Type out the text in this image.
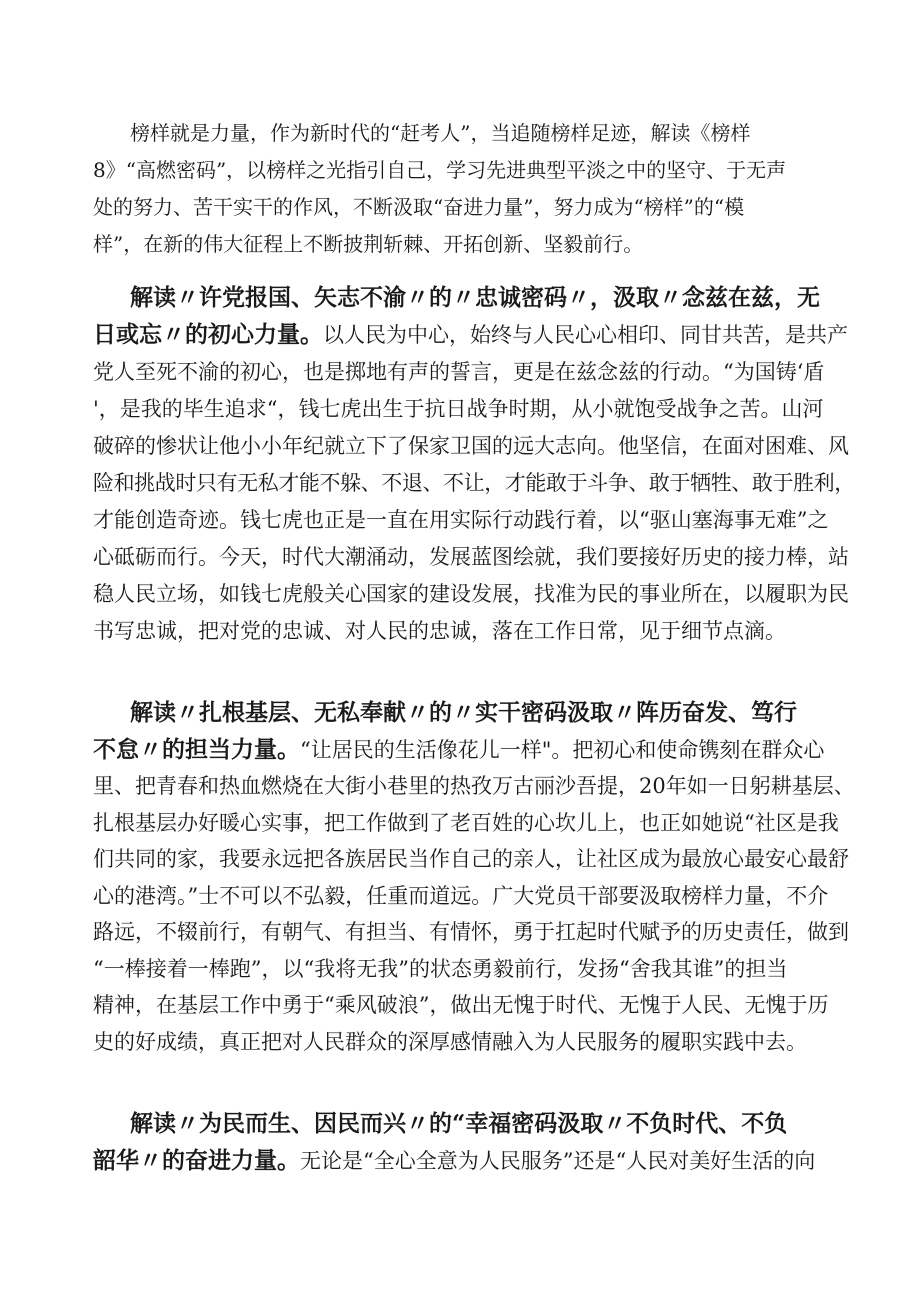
榜样就是力量，作为新时代的“赶考人”，当追随榜样足迹，解读《榜样
8》“高燃密码”，以榜样之光指引自己，学习先进典型平淡之中的坚守、于无声
处的努力、苦干实干的作风，不断汲取“奋进力量”，努力成为“榜样”的“模
样”，在新的伟大征程上不断披荆斩棘、开拓创新、坚毅前行。
解读〃许党报国、矢志不渝〃的〃忠诚密码〃，汲取〃念兹在兹，无
日或忘〃的初心力量。以人民为中心，始终与人民心心相印、同甘共苦，是共产
党人至死不渝的初心，也是掷地有声的誓言，更是在兹念兹的行动。“为国铸‘盾
'，是我的毕生追求“，钱七虎出生于抗日战争时期，从小就饱受战争之苦。山河
破碎的惨状让他小小年纪就立下了保家卫国的远大志向。他坚信，在面对困难、风
险和挑战时只有无私才能不躲、不退、不让，才能敢于斗争、敢于牺牲、敢于胜利，
才能创造奇迹。钱七虎也正是一直在用实际行动践行着，以“驱山塞海事无难”之
心砥砺而行。今天，时代大潮涌动，发展蓝图绘就，我们要接好历史的接力棒，站
稳人民立场，如钱七虎般关心国家的建设发展，找准为民的事业所在，以履职为民
书写忠诚，把对党的忠诚、对人民的忠诚，落在工作日常，见于细节点滴。
解读〃扎根基层、无私奉献〃的〃实干密码汲取〃阵历奋发、笃行
不怠〃的担当力量。“让居民的生活像花儿一样"。把初心和使命镌刻在群众心
里、把青春和热血燃烧在大街小巷里的热孜万古丽沙吾提，20年如一日躬耕基层、
扎根基层办好暖心实事，把工作做到了老百姓的心坎儿上，也正如她说“社区是我
们共同的家，我要永远把各族居民当作自己的亲人，让社区成为最放心最安心最舒
心的港湾。”士不可以不弘毅，任重而道远。广大党员干部要汲取榜样力量，不介
路远，不辍前行，有朝气、有担当、有情怀，勇于扛起时代赋予的历史责任，做到
“一棒接着一棒跑”，以“我将无我”的状态勇毅前行，发扬“舍我其谁”的担当
精神，在基层工作中勇于“乘风破浪”，做出无愧于时代、无愧于人民、无愧于历
史的好成绩，真正把对人民群众的深厚感情融入为人民服务的履职实践中去。
解读〃为民而生、因民而兴〃的“幸福密码汲取〃不负时代、不负
韶华〃的奋进力量。无论是“全心全意为人民服务”还是“人民对美好生活的向
